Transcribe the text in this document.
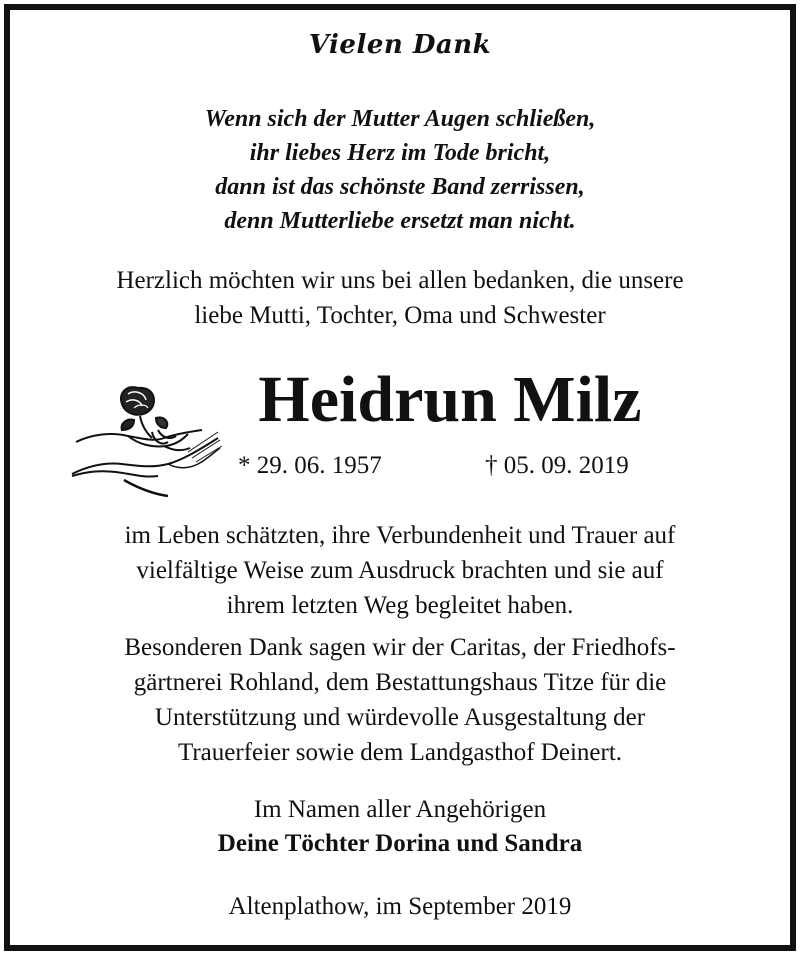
Vielen Dank
Wenn sich der Mutter Augen schließen,
ihr liebes Herz im Tode bricht,
dann ist das schönste Band zerrissen,
denn Mutterliebe ersetzt man nicht.
Herzlich möchten wir uns bei allen bedanken, die unsere
liebe Mutti, Tochter, Oma und Schwester
Heidrun Milz
* 29. 06. 1957	† 05. 09. 2019
im Leben schätzten, ihre Verbundenheit und Trauer auf
vielfältige Weise zum Ausdruck brachten und sie auf
ihrem letzten Weg begleitet haben.
Besonderen Dank sagen wir der Caritas, der Friedhofs-
gärtnerei Rohland, dem Bestattungshaus Titze für die
Unterstützung und würdevolle Ausgestaltung der
Trauerfeier sowie dem Landgasthof Deinert.
Im Namen aller Angehörigen
Deine Töchter Dorina und Sandra
Altenplathow, im September 2019
